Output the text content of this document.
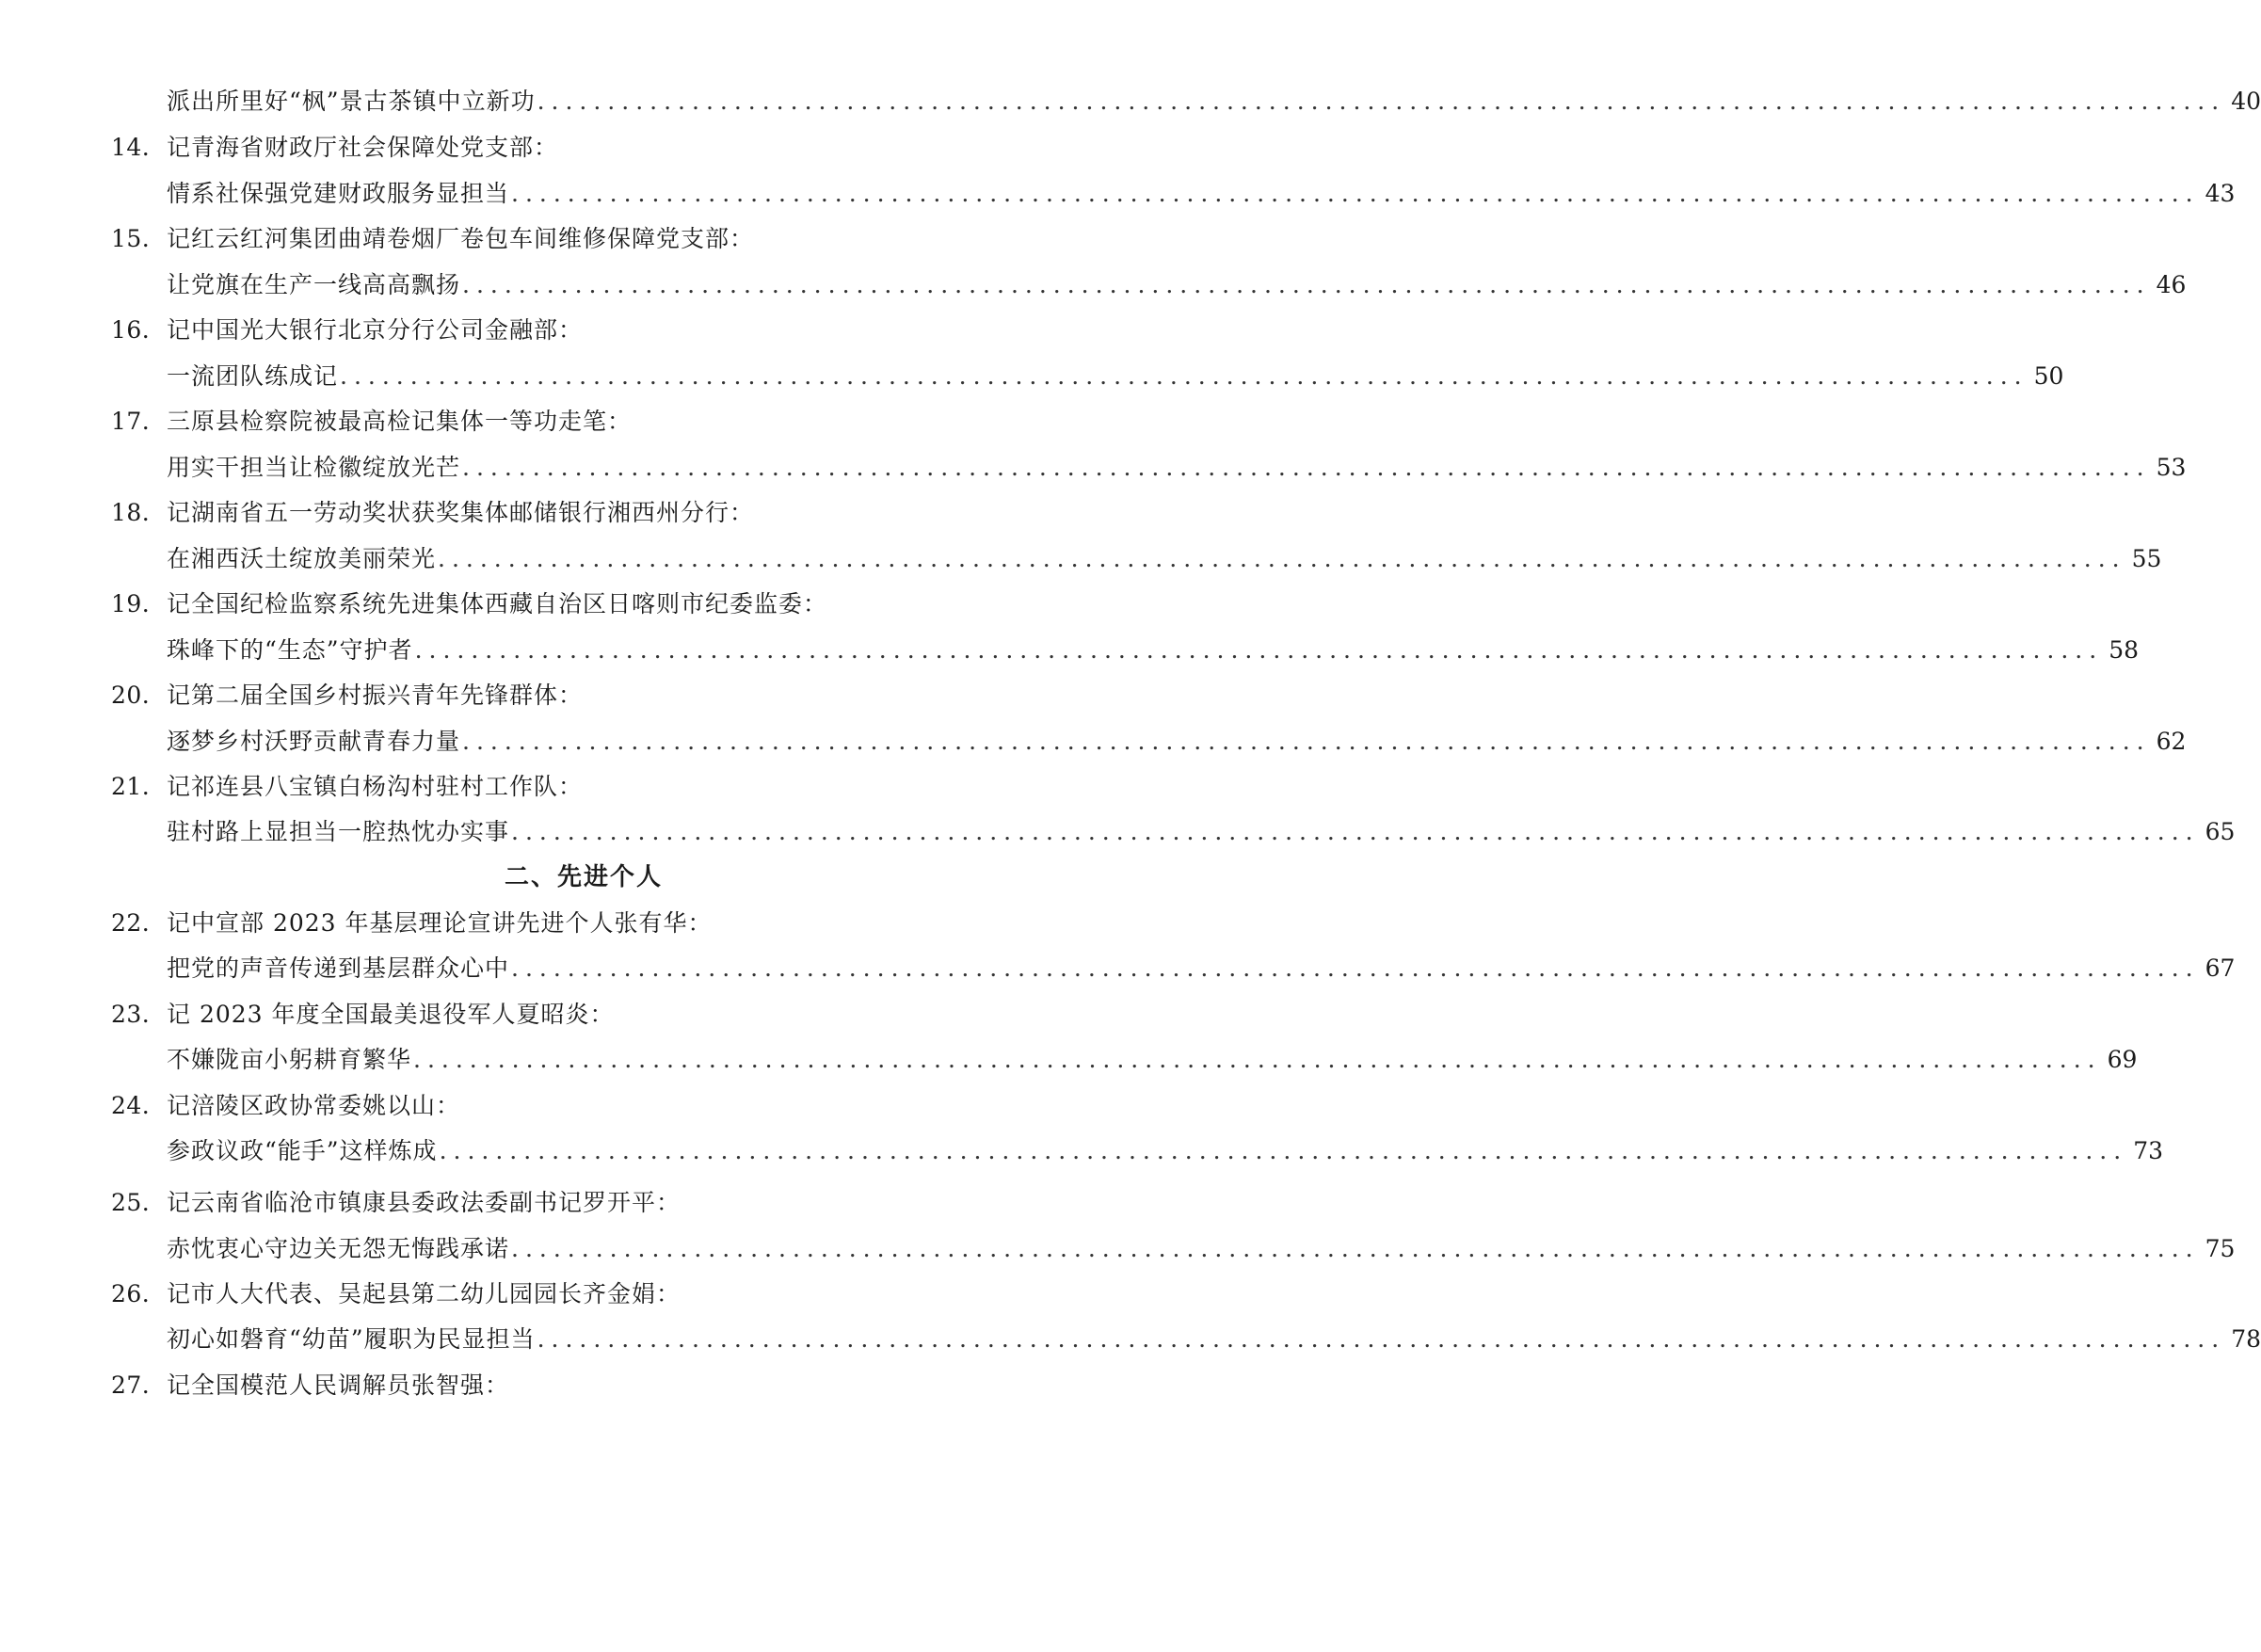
派出所里好“枫”景古茶镇中立新功 ........................................................................................................................ 40
14. 记青海省财政厅社会保障处党支部：
情系社保强党建财政服务显担当 ........................................................................................................................ 43
15. 记红云红河集团曲靖卷烟厂卷包车间维修保障党支部：
让党旗在生产一线高高飘扬 ........................................................................................................................ 46
16. 记中国光大银行北京分行公司金融部：
一流团队练成记 ........................................................................................................................ 50
17. 三原县检察院被最高检记集体一等功走笔：
用实干担当让检徽绽放光芒 ........................................................................................................................ 53
18. 记湖南省五一劳动奖状获奖集体邮储银行湘西州分行：
在湘西沃土绽放美丽荣光 ........................................................................................................................ 55
19. 记全国纪检监察系统先进集体西藏自治区日喀则市纪委监委：
珠峰下的“生态”守护者 ........................................................................................................................ 58
20. 记第二届全国乡村振兴青年先锋群体：
逐梦乡村沃野贡献青春力量 ........................................................................................................................ 62
21. 记祁连县八宝镇白杨沟村驻村工作队：
驻村路上显担当一腔热忱办实事 ........................................................................................................................ 65
二、先进个人
22. 记中宣部 2023 年基层理论宣讲先进个人张有华：
把党的声音传递到基层群众心中 ........................................................................................................................ 67
23. 记 2023 年度全国最美退役军人夏昭炎：
不嫌陇亩小躬耕育繁华 ........................................................................................................................ 69
24. 记涪陵区政协常委姚以山：
参政议政“能手”这样炼成 ........................................................................................................................ 73
25. 记云南省临沧市镇康县委政法委副书记罗开平：
赤忱衷心守边关无怨无悔践承诺 ........................................................................................................................ 75
26. 记市人大代表、吴起县第二幼儿园园长齐金娟：
初心如磐育“幼苗”履职为民显担当 ........................................................................................................................ 78
27. 记全国模范人民调解员张智强：
